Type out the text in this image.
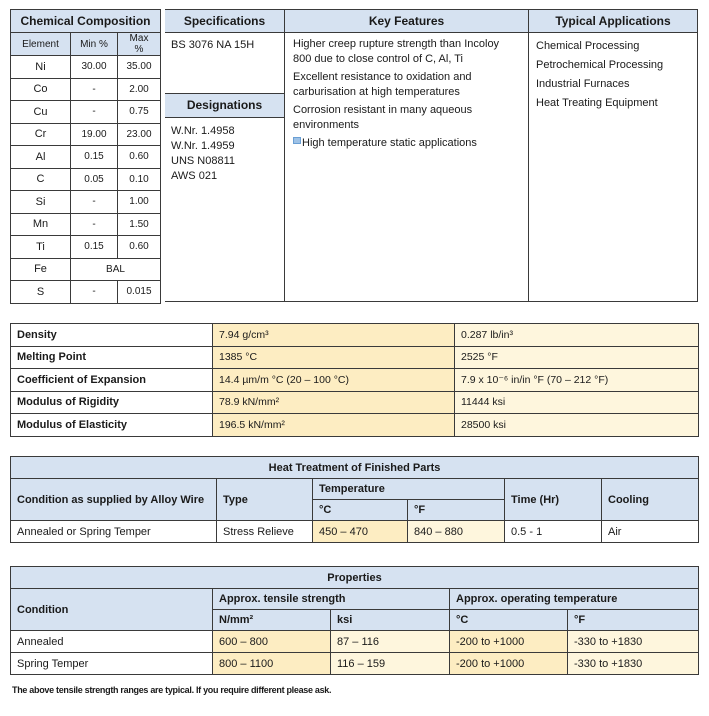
Chemical Composition		
Element	Min %	Max %
Ni	30.00	35.00
Co	-	2.00
Cu	-	0.75
Cr	19.00	23.00
Al	0.15	0.60
C	0.05	0.10
Si	-	1.00
Mn	-	1.50
Ti	0.15	0.60
Fe	BAL	
S	-	0.015
Specifications
BS 3076 NA 15H
Designations

W.Nr. 1.4958

W.Nr. 1.4959

UNS N08811

AWS 021

Key Features

Higher creep rupture strength than Incoloy 800 due to close control of C, Al, Ti

Excellent resistance to oxidation and carburisation at high temperatures

Corrosion resistant in many aqueous environments

High temperature static applications

Typical Applications

Chemical Processing

Petrochemical Processing

Industrial Furnaces

Heat Treating Equipment

Density	7.94 g/cm³	0.287 lb/in³
Melting Point	1385 °C	2525 °F
Coefficient of Expansion	14.4 µm/m °C (20 – 100 °C)	7.9 x 10⁻⁶ in/in °F (70 – 212 °F)
Modulus of Rigidity	78.9 kN/mm²	11444 ksi
Modulus of Elasticity	196.5 kN/mm²	28500 ksi
Heat Treatment of Finished Parts					
Condition as supplied by Alloy Wire	Type	Temperature		Time (Hr)	Cooling
		°C	°F		
Annealed or Spring Temper	Stress Relieve	450 – 470	840 – 880	0.5 - 1	Air
Properties				
Condition	Approx. tensile strength		Approx. operating temperature	
	N/mm²	ksi	°C	°F
Annealed	600 – 800	87 – 116	-200 to +1000	-330 to +1830
Spring Temper	800 – 1100	116 – 159	-200 to +1000	-330 to +1830
The above tensile strength ranges are typical. If you require different please ask.
